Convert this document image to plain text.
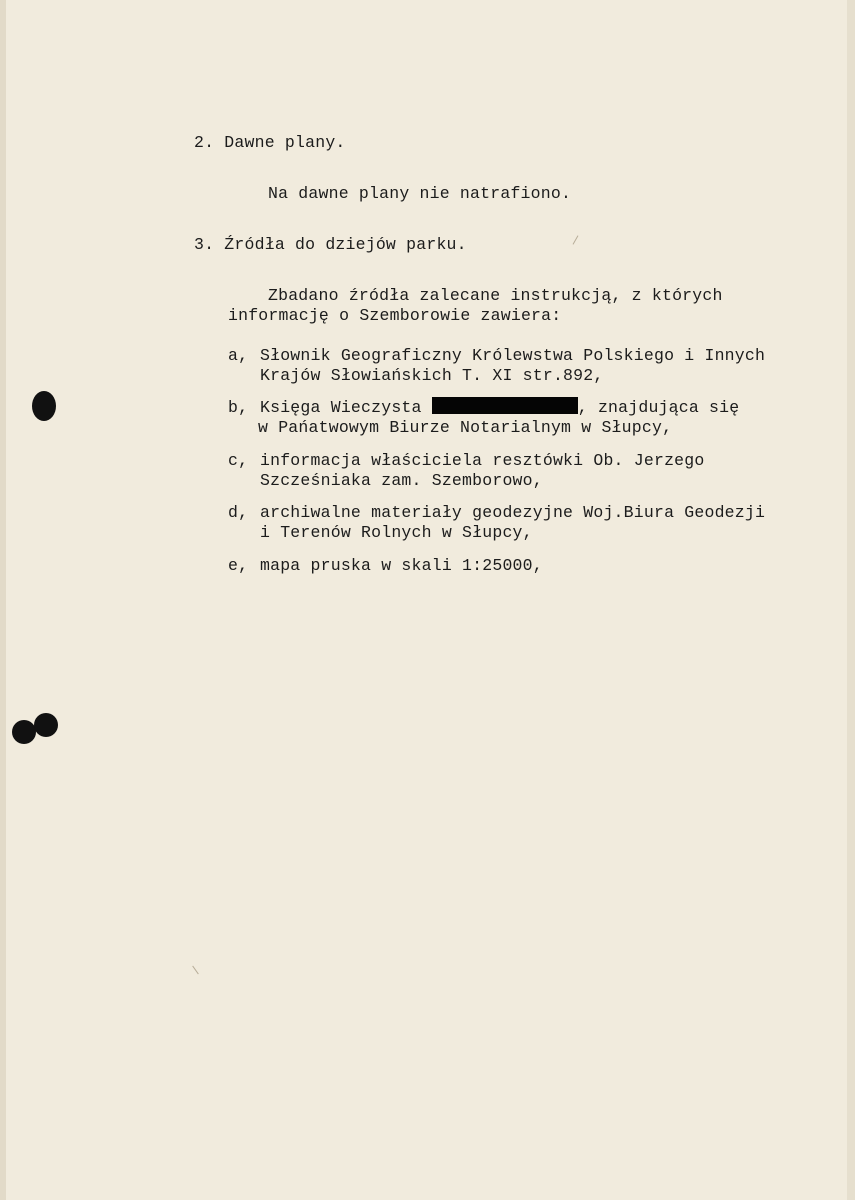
2. Dawne plany.
Na dawne plany nie natrafiono.
3. Źródła do dziejów parku.
Zbadano źródła zalecane instrukcją, z których
informację o Szemborowie zawiera:
a, Słownik Geograficzny Królewstwa Polskiego i Innych
Krajów Słowiańskich T. XI str.892,
b, Księga Wieczysta	, znajdująca się
w Pańatwowym Biurze Notarialnym w Słupcy,
c, informacja właściciela resztówki Ob. Jerzego
Szcześniaka zam. Szemborowo,
d, archiwalne materiały geodezyjne Woj.Biura Geodezji
i Terenów Rolnych w Słupcy,
e, mapa pruska w skali 1:25000,
